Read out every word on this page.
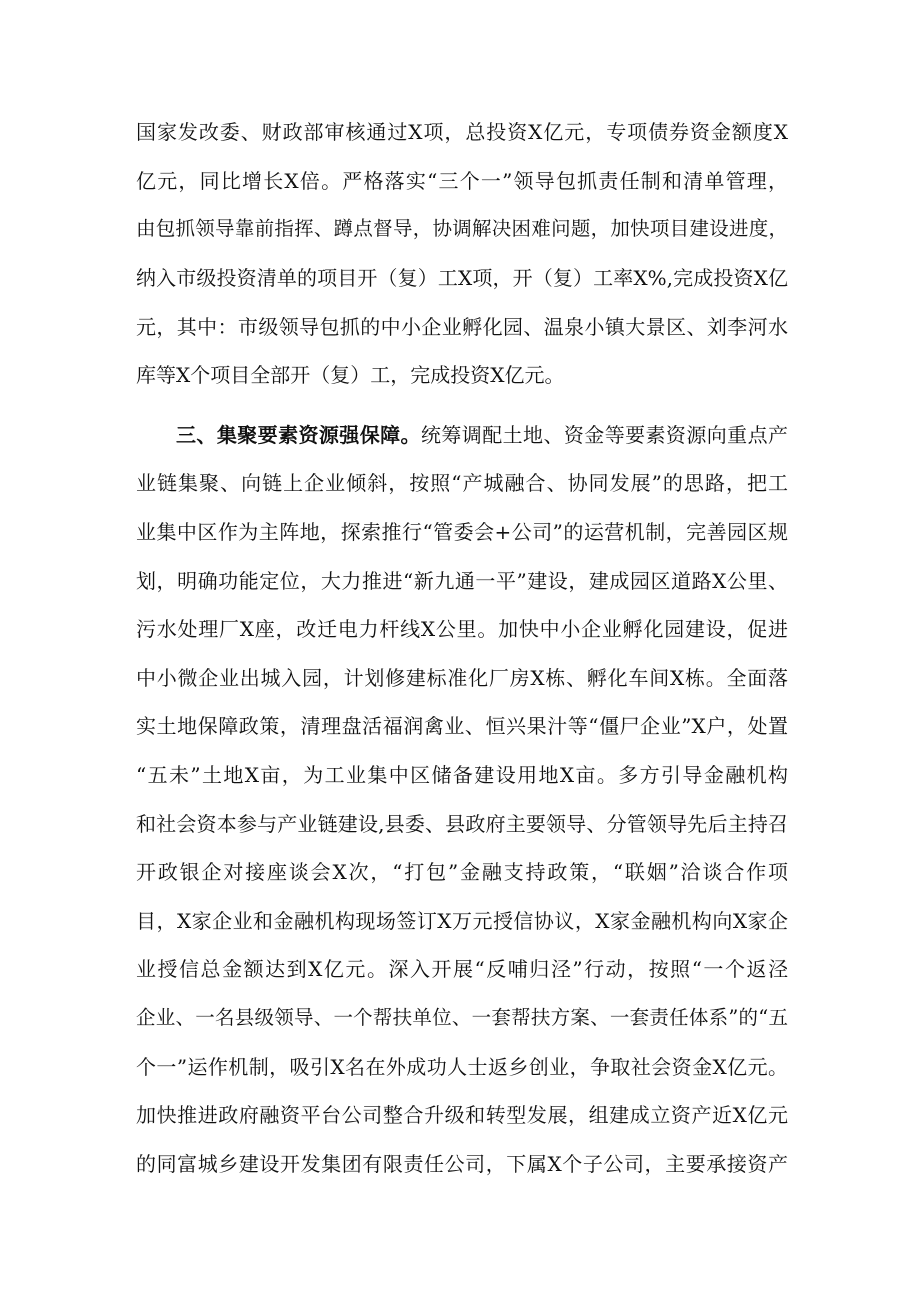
国家发改委、财政部审核通过X项，总投资X亿元，专项债券资金额度X
亿元，同比增长X倍。严格落实“三个一”领导包抓责任制和清单管理，
由包抓领导靠前指挥、蹲点督导，协调解决困难问题，加快项目建设进度，
纳入市级投资清单的项目开（复）工X项，开（复）工率X%,完成投资X亿
元，其中：市级领导包抓的中小企业孵化园、温泉小镇大景区、刘李河水
库等X个项目全部开（复）工，完成投资X亿元。
三、集聚要素资源强保障。统筹调配土地、资金等要素资源向重点产
业链集聚、向链上企业倾斜，按照“产城融合、协同发展”的思路，把工
业集中区作为主阵地，探索推行“管委会+公司”的运营机制，完善园区规
划，明确功能定位，大力推进“新九通一平”建设，建成园区道路X公里、
污水处理厂X座，改迁电力杆线X公里。加快中小企业孵化园建设，促进
中小微企业出城入园，计划修建标准化厂房X栋、孵化车间X栋。全面落
实土地保障政策，清理盘活福润禽业、恒兴果汁等“僵尸企业”X户，处置
“五未”土地X亩，为工业集中区储备建设用地X亩。多方引导金融机构
和社会资本参与产业链建设,县委、县政府主要领导、分管领导先后主持召
开政银企对接座谈会X次，“打包”金融支持政策，“联姻”洽谈合作项
目，X家企业和金融机构现场签订X万元授信协议，X家金融机构向X家企
业授信总金额达到X亿元。深入开展“反哺归泾”行动，按照“一个返泾
企业、一名县级领导、一个帮扶单位、一套帮扶方案、一套责任体系”的“五
个一”运作机制，吸引X名在外成功人士返乡创业，争取社会资金X亿元。
加快推进政府融资平台公司整合升级和转型发展，组建成立资产近X亿元
的同富城乡建设开发集团有限责任公司，下属X个子公司，主要承接资产
